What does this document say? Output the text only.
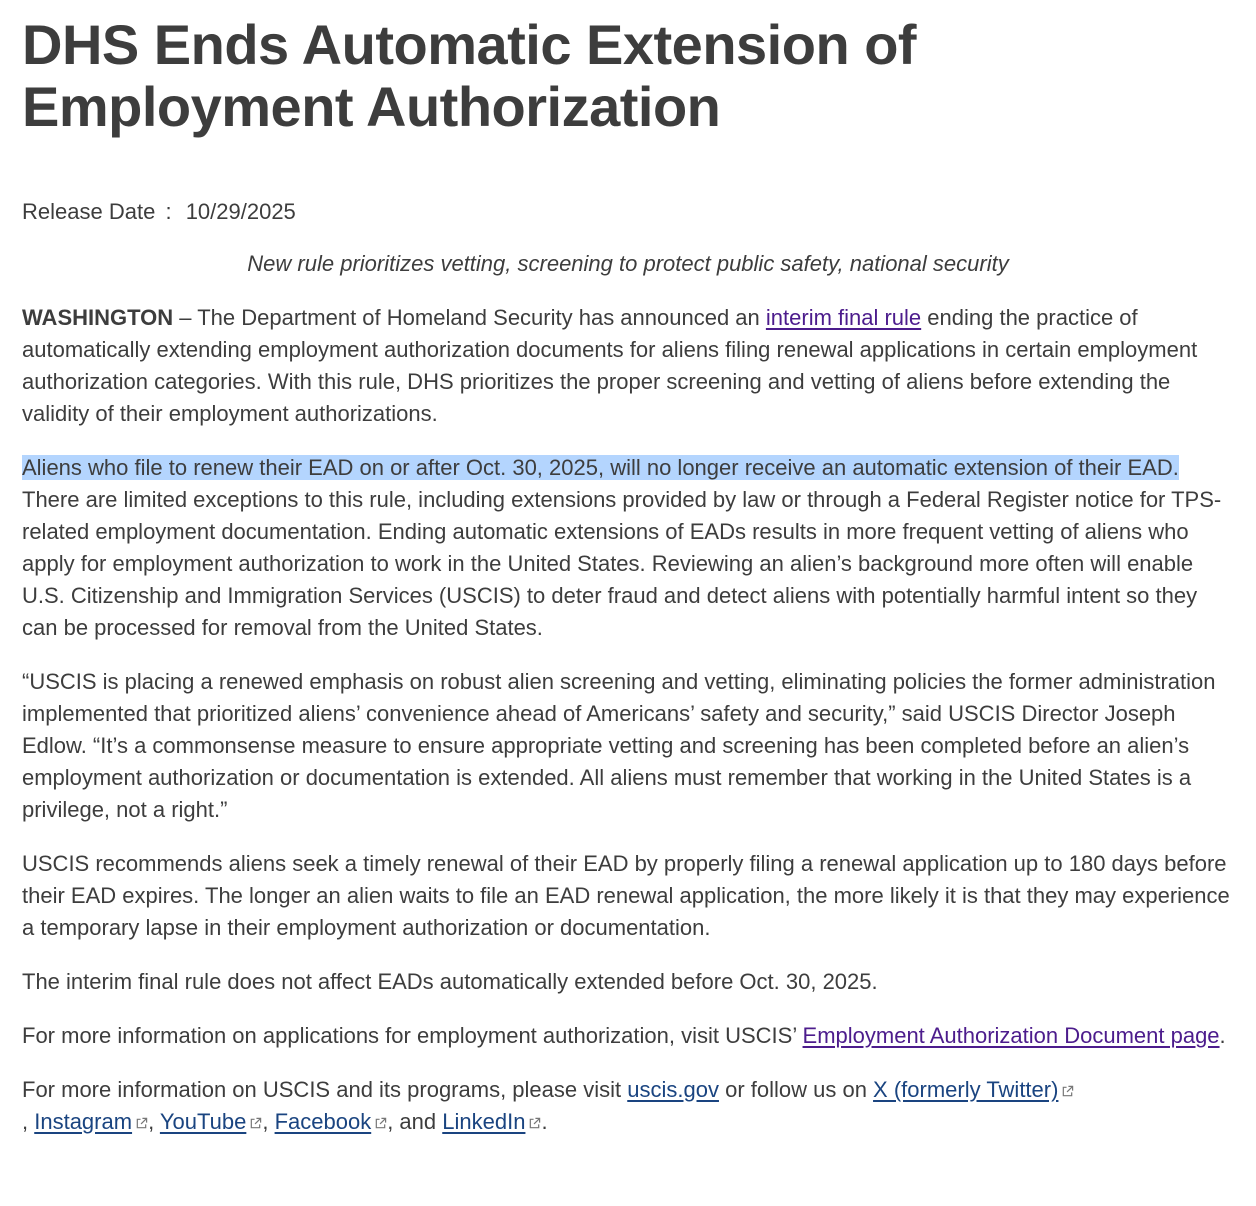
DHS Ends Automatic Extension of Employment Authorization
Release Date : 10/29/2025
New rule prioritizes vetting, screening to protect public safety, national security

WASHINGTON – The Department of Homeland Security has announced an interim final rule ending the practice of automatically extending employment authorization documents for aliens filing renewal applications in certain employment authorization categories. With this rule, DHS prioritizes the proper screening and vetting of aliens before extending the validity of their employment authorizations.

Aliens who file to renew their EAD on or after Oct. 30, 2025, will no longer receive an automatic extension of their EAD. There are limited exceptions to this rule, including extensions provided by law or through a Federal Register notice for TPS-related employment documentation. Ending automatic extensions of EADs results in more frequent vetting of aliens who apply for employment authorization to work in the United States. Reviewing an alien’s background more often will enable U.S. Citizenship and Immigration Services (USCIS) to deter fraud and detect aliens with potentially harmful intent so they can be processed for removal from the United States.

“USCIS is placing a renewed emphasis on robust alien screening and vetting, eliminating policies the former administration implemented that prioritized aliens’ convenience ahead of Americans’ safety and security,” said USCIS Director Joseph Edlow. “It’s a commonsense measure to ensure appropriate vetting and screening has been completed before an alien’s employment authorization or documentation is extended. All aliens must remember that working in the United States is a privilege, not a right.”

USCIS recommends aliens seek a timely renewal of their EAD by properly filing a renewal application up to 180 days before their EAD expires. The longer an alien waits to file an EAD renewal application, the more likely it is that they may experience a temporary lapse in their employment authorization or documentation.

The interim final rule does not affect EADs automatically extended before Oct. 30, 2025.

For more information on applications for employment authorization, visit USCIS’ Employment Authorization Document page.

For more information on USCIS and its programs, please visit uscis.gov or follow us on X (formerly Twitter)
, Instagram , YouTube , Facebook , and LinkedIn .
